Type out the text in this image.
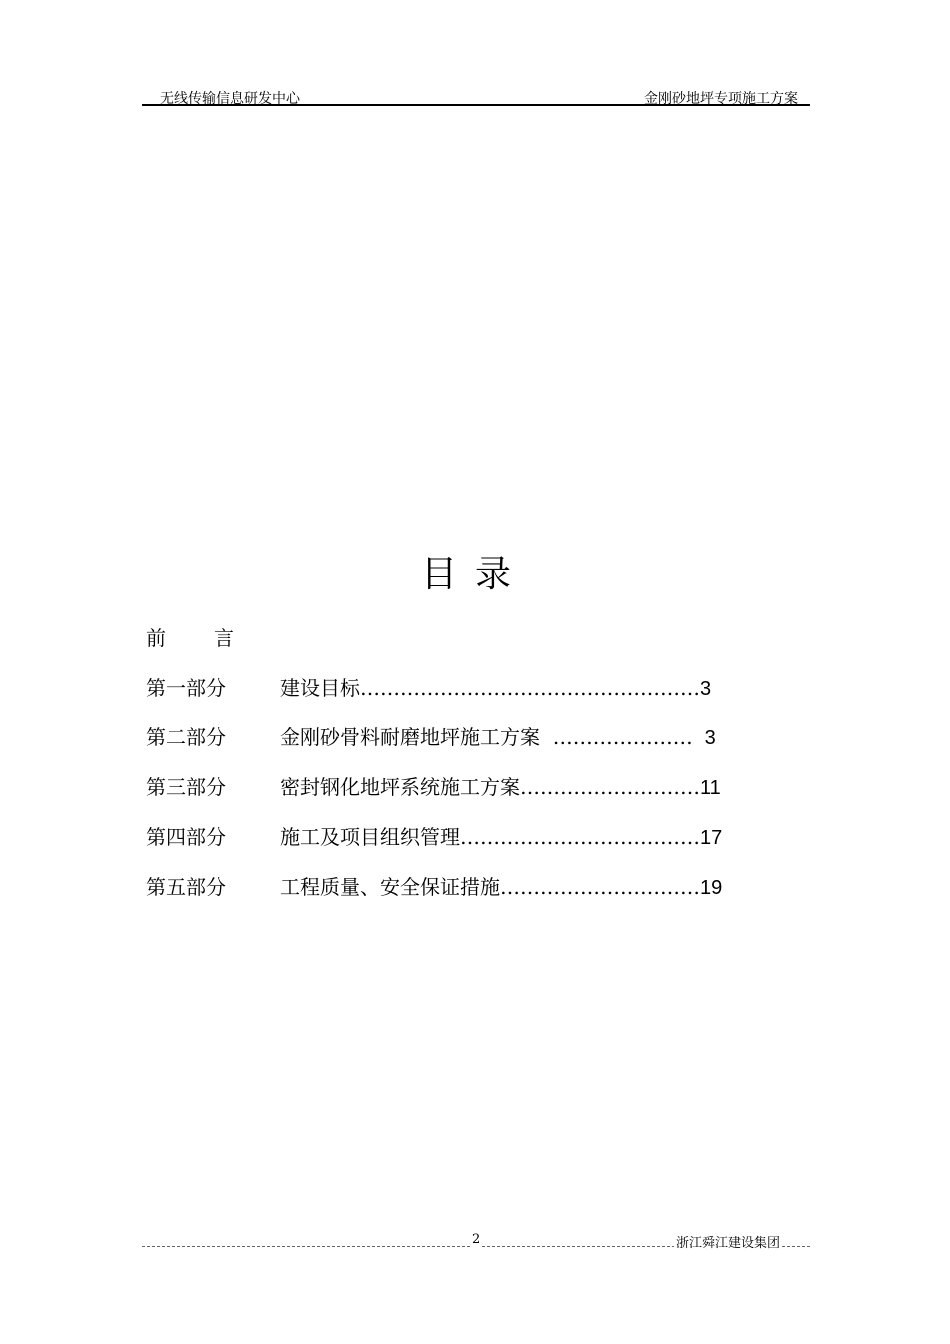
无线传输信息研发中心	金刚砂地坪专项施工方案
目录
前言
第一部分	建设目标……………………………………………3
第二部分	金刚砂骨料耐磨地坪施工方案  …………………  3
第三部分	密封钢化地坪系统施工方案………………………11
第四部分	施工及项目组织管理………………………………17
第五部分	工程质量、安全保证措施…………………………19
2	浙江舜江建设集团
